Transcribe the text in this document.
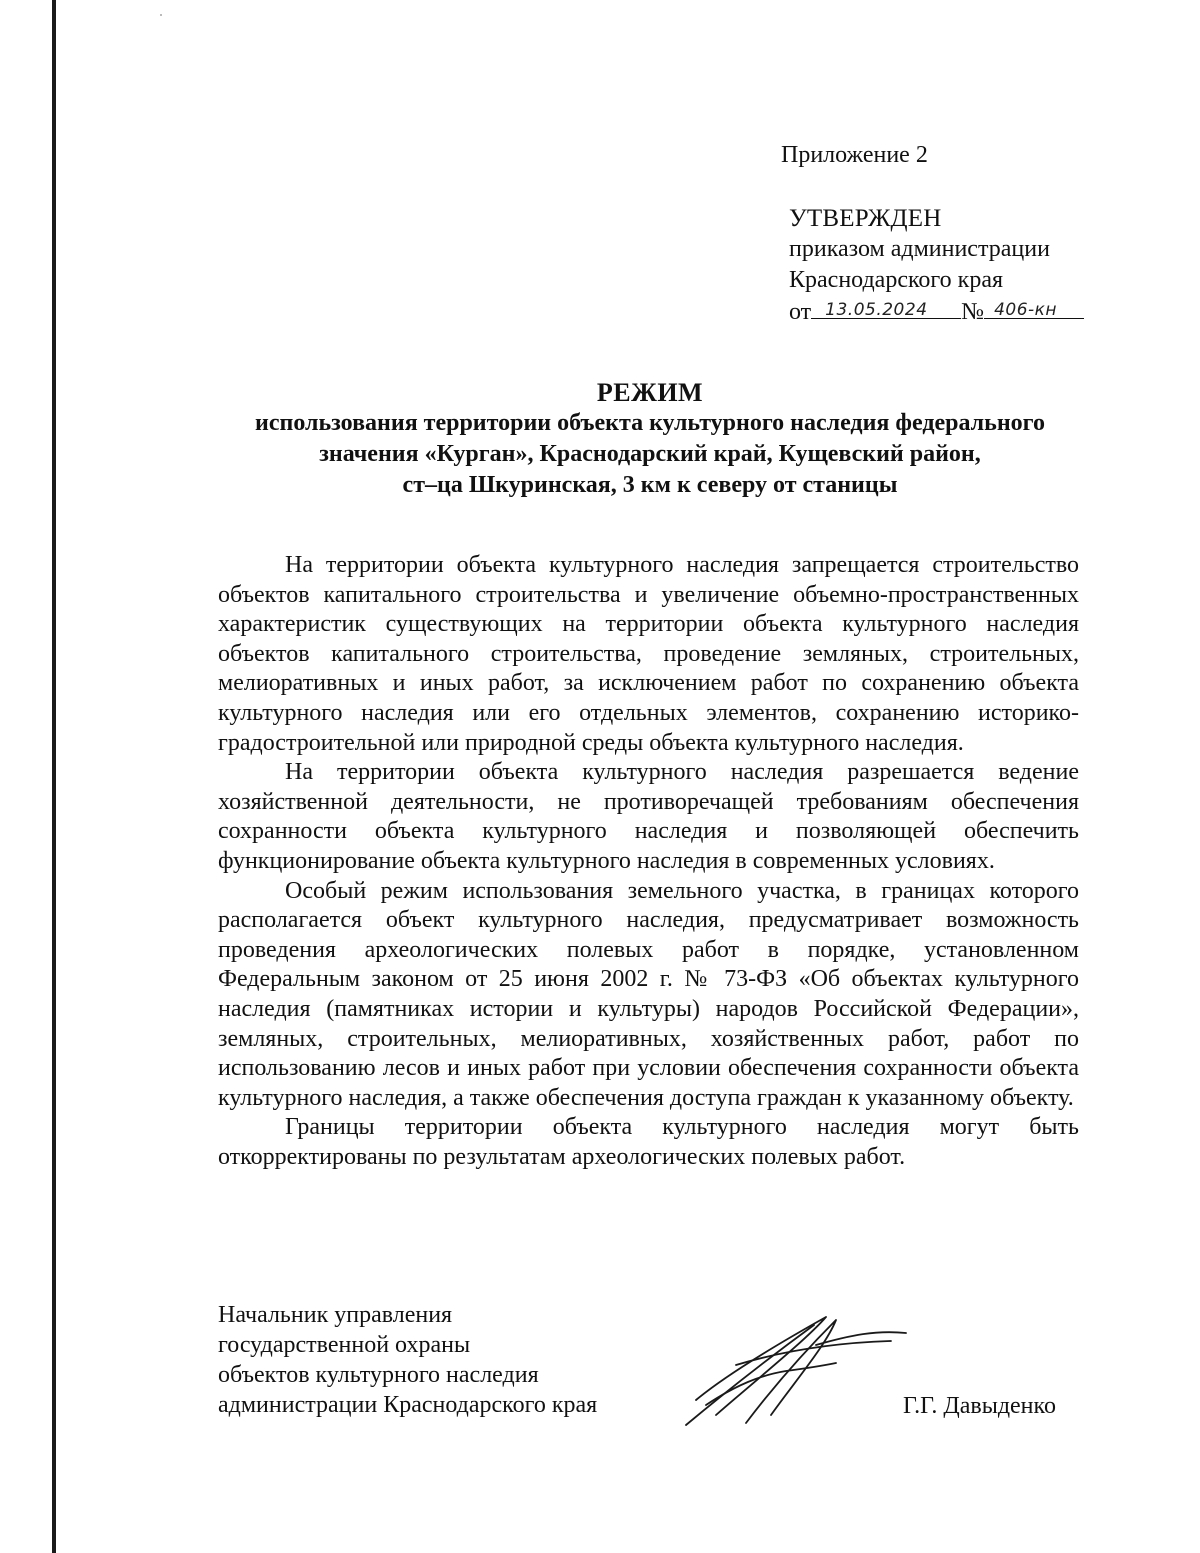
Приложение 2

УТВЕРЖДЕН
приказом администрации
Краснодарского края
от 13.05.2024 № 406-кн
РЕЖИМ
использования территории объекта культурного наследия федерального
значения «Курган», Краснодарский край, Кущевский район,
ст–ца Шкуринская, 3 км к северу от станицы

На территории объекта культурного наследия запрещается строительство объектов капитального строительства и увеличение объемно-пространственных характеристик существующих на территории объекта культурного наследия объектов капитального строительства, проведение земляных, строительных, мелиоративных и иных работ, за исключением работ по сохранению объекта культурного наследия или его отдельных элементов, сохранению историко-градостроительной или природной среды объекта культурного наследия.

На территории объекта культурного наследия разрешается ведение хозяйственной деятельности, не противоречащей требованиям обеспечения сохранности объекта культурного наследия и позволяющей обеспечить функционирование объекта культурного наследия в современных условиях.

Особый режим использования земельного участка, в границах которого располагается объект культурного наследия, предусматривает возможность проведения археологических полевых работ в порядке, установленном Федеральным законом от 25 июня 2002 г. № 73-ФЗ «Об объектах культурного наследия (памятниках истории и культуры) народов Российской Федерации», земляных, строительных, мелиоративных, хозяйственных работ, работ по использованию лесов и иных работ при условии обеспечения сохранности объекта культурного наследия, а также обеспечения доступа граждан к указанному объекту.

Границы территории объекта культурного наследия могут быть откорректированы по результатам археологических полевых работ.

Начальник управления
государственной охраны
объектов культурного наследия
администрации Краснодарского края	Г.Г. Давыденко
